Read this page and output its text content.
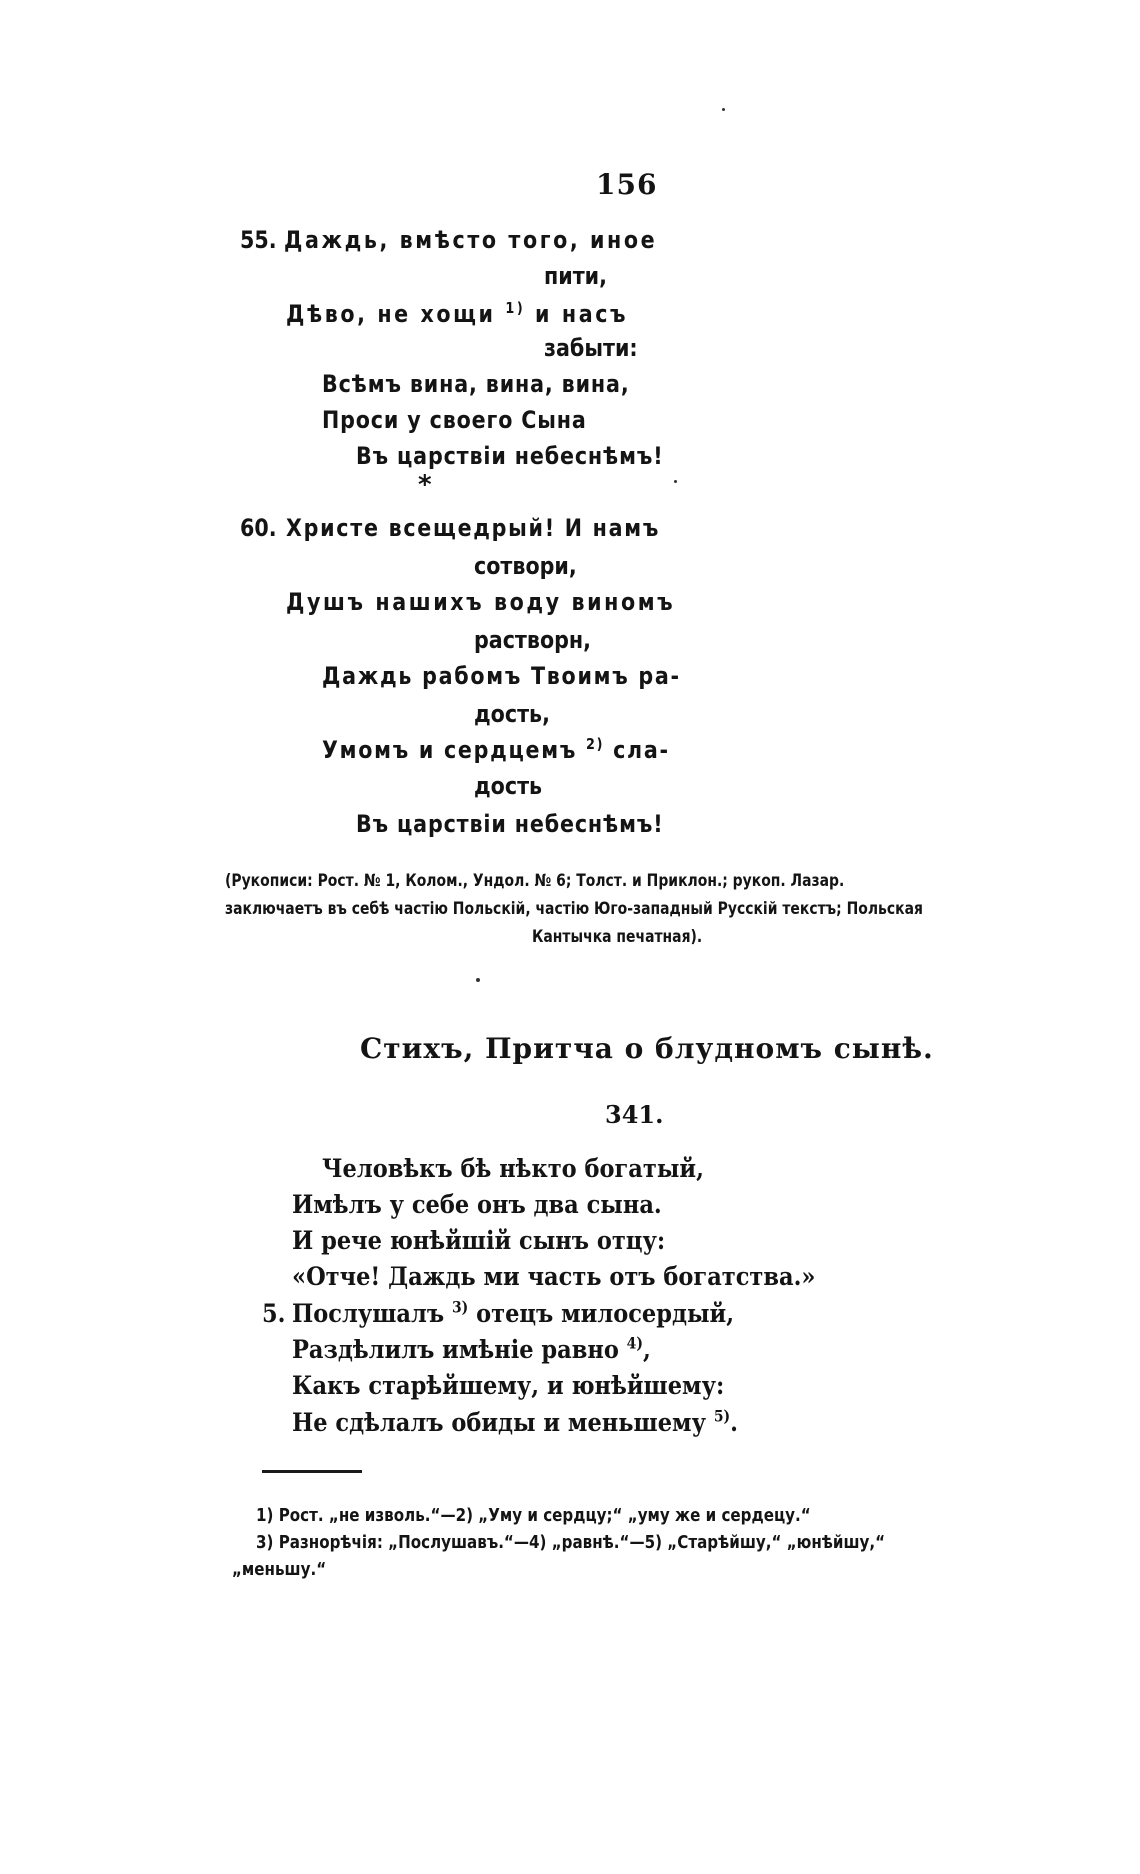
156
55. Даждь, вмѣсто того, иное
пити,
Дѣво, не хощи $^{1)}$ и насъ
забыти:
Всѣмъ вина, вина, вина,
Проси у своего Сына
Въ царствіи небеснѣмъ!
*
60. Христе всещедрый! И намъ
сотвори,
Душъ нашихъ воду виномъ
растворн,
Даждь рабомъ Твоимъ ра-
дость,
Умомъ и сердцемъ $^{2)}$ сла-
дость
Въ царствіи небеснѣмъ!
(Рукописи: Рост. № 1, Колом., Ундол. № 6; Толст. и Приклон.; рукоп. Лазар.
заключаетъ въ себѣ частію Польскій, частію Юго-западный Русскій текстъ; Польская
Кантычка печатная).
Стихъ, Притча о блудномъ сынѣ.
341.
Человѣкъ бѣ нѣкто богатый,
Имѣлъ у себе онъ два сына.
И рече юнѣйшій сынъ отцу:
«Отче! Даждь ми часть отъ богатства.»
5. Послушалъ $^{3)}$ отецъ милосердый,
Раздѣлилъ имѣніе равно $^{4)}$,
Какъ старѣйшему, и юнѣйшему:
Не сдѣлалъ обиды и меньшему $^{5)}$.
1) Рост. „не изволь.“—2) „Уму и сердцу;“ „уму же и сердецу.“
3) Разнорѣчія: „Послушавъ.“—4) „равнѣ.“—5) „Старѣйшу,“ „юнѣйшу,“
„меньшу.“
